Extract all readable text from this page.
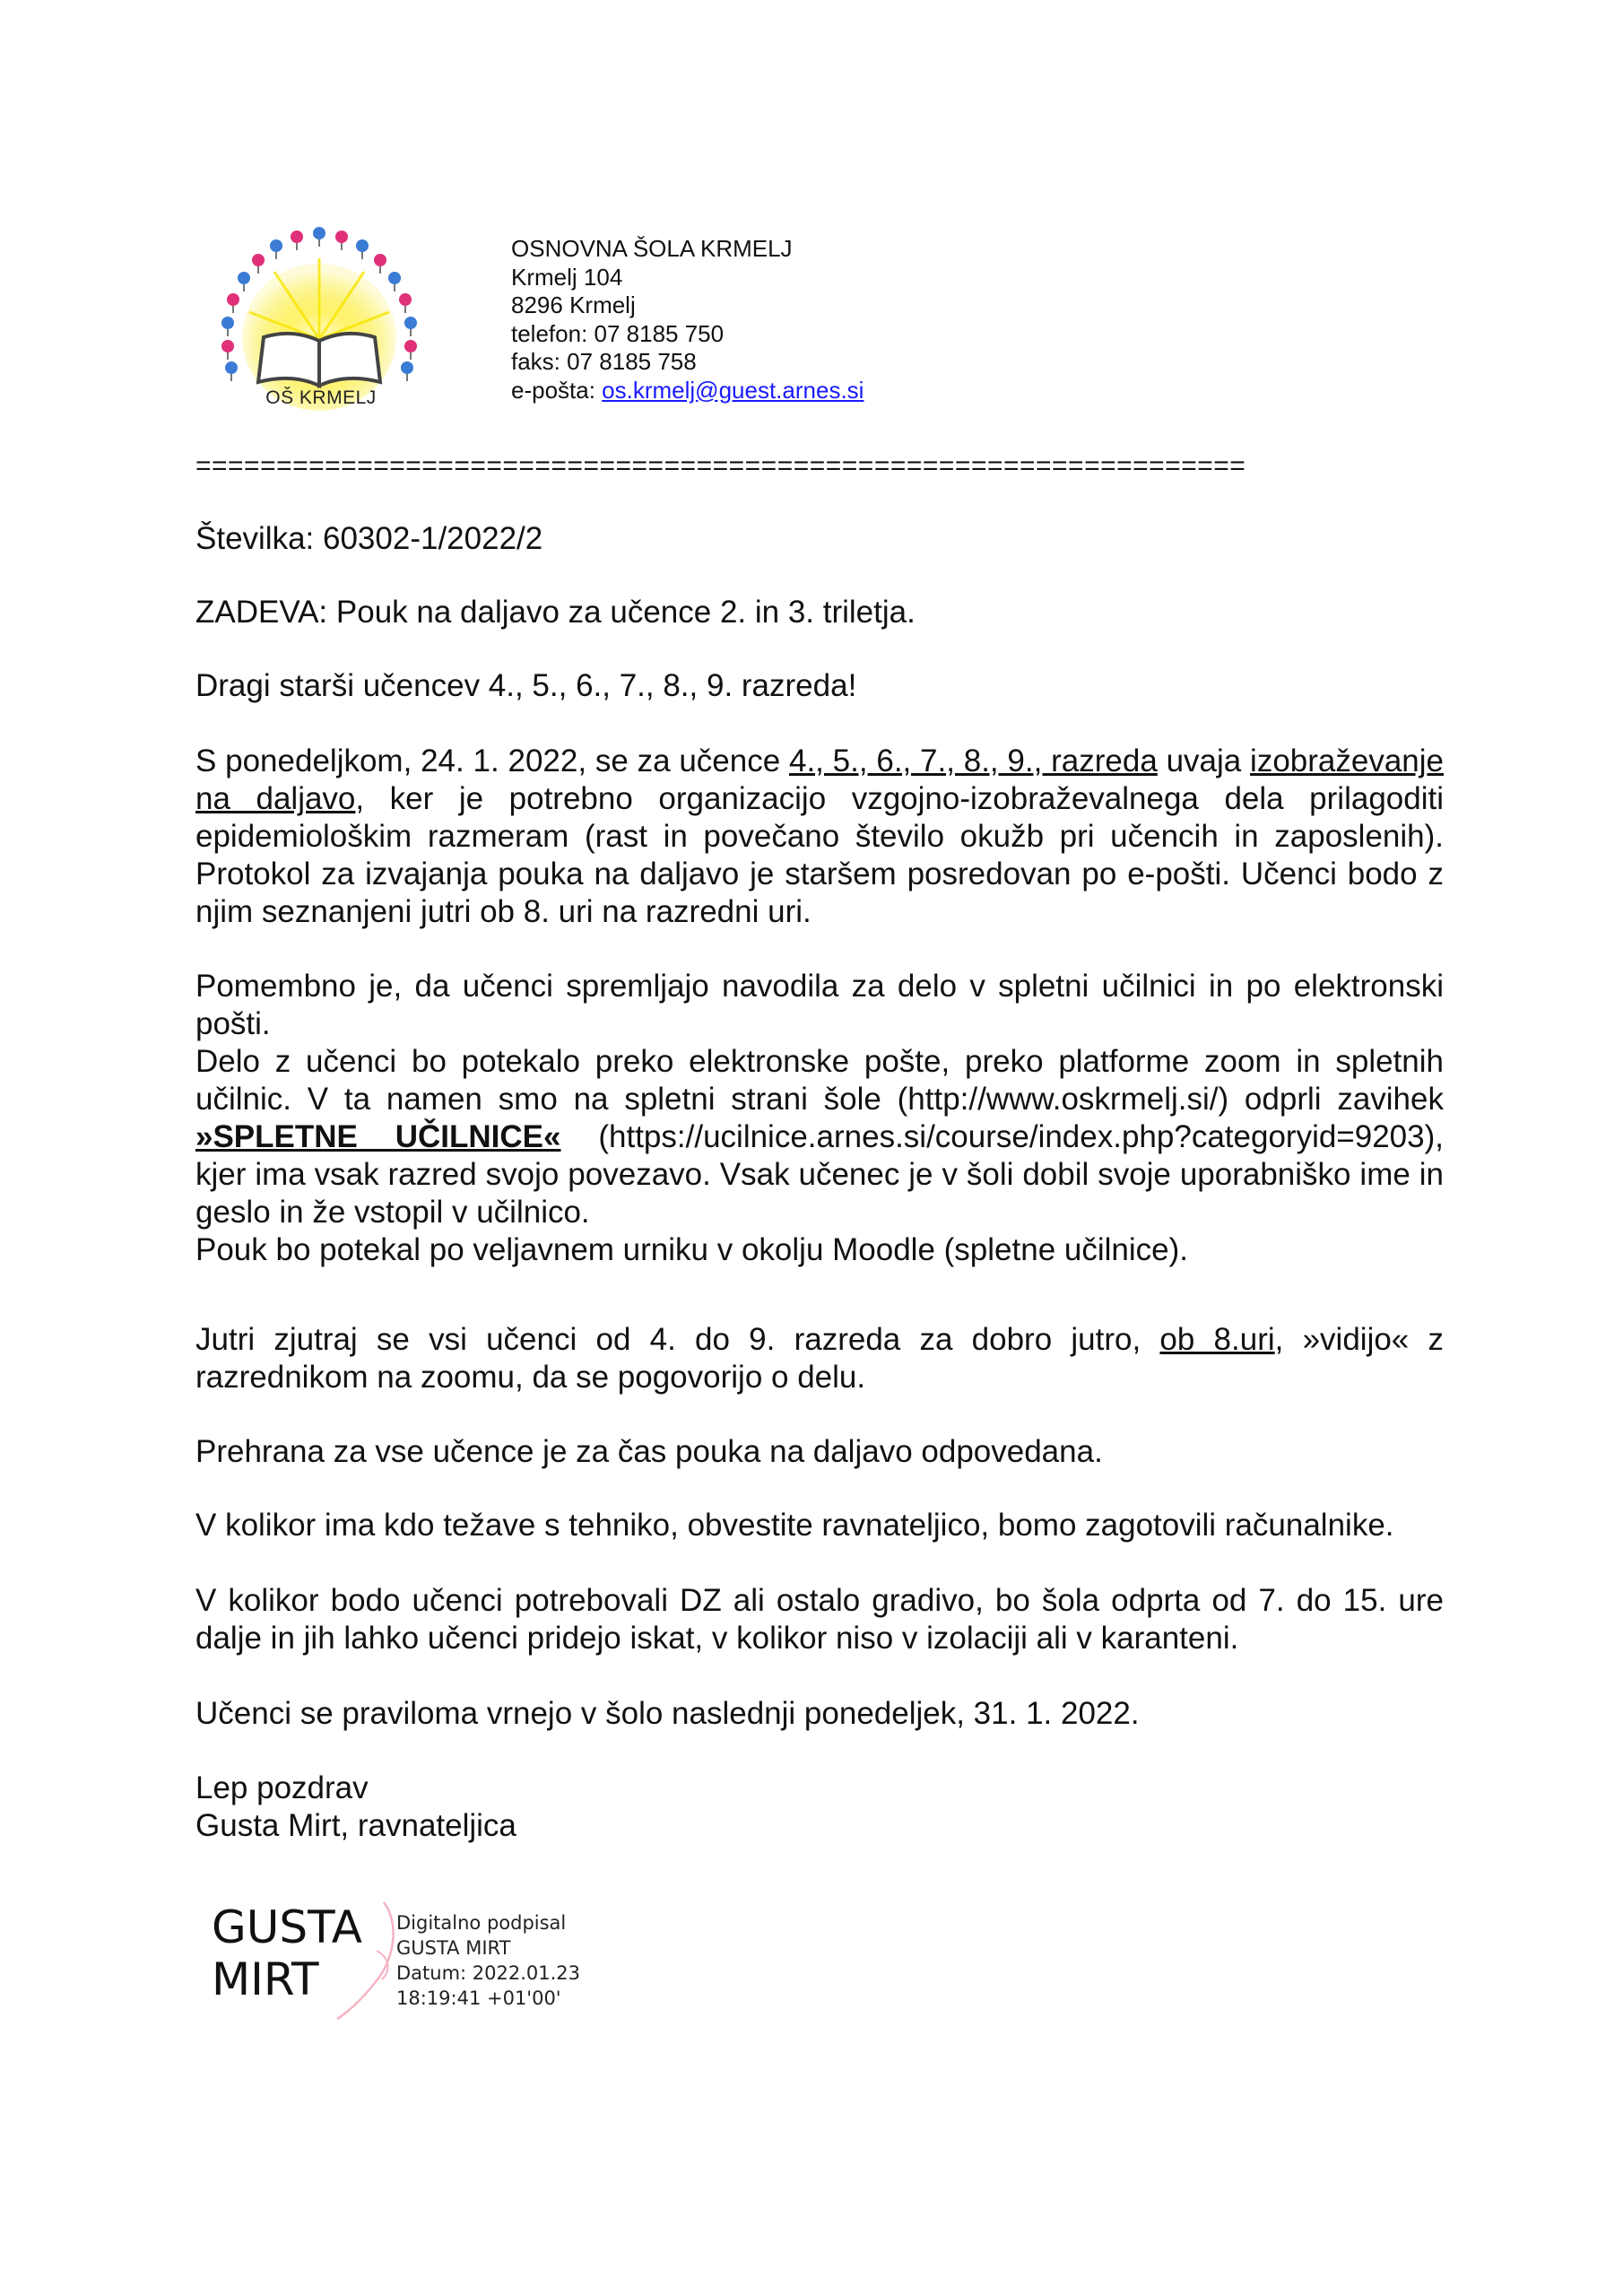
OŠ KRMELJ
OSNOVNA ŠOLA KRMELJ
Krmelj 104
8296 Krmelj
telefon: 07 8185 750
faks: 07 8185 758
e-pošta: os.krmelj@guest.arnes.si
=================================================================

Številka: 60302-1/2022/2

ZADEVA: Pouk na daljavo za učence 2. in 3. triletja.

Dragi starši učencev 4., 5., 6., 7., 8., 9. razreda!

S ponedeljkom, 24. 1. 2022, se za učence 4., 5., 6., 7., 8., 9., razreda uvaja izobraževanje na daljavo, ker je potrebno organizacijo vzgojno-izobraževalnega dela prilagoditi epidemiološkim razmeram (rast in povečano število okužb pri učencih in zaposlenih). Protokol za izvajanja pouka na daljavo je staršem posredovan po e-pošti. Učenci bodo z njim seznanjeni jutri ob 8. uri na razredni uri.

Pomembno je, da učenci spremljajo navodila za delo v spletni učilnici in po elektronski pošti.

Delo z učenci bo potekalo preko elektronske pošte, preko platforme zoom in spletnih učilnic. V ta namen smo na spletni strani šole (http://www.oskrmelj.si/) odprli zavihek »SPLETNE UČILNICE« (https://ucilnice.arnes.si/course/index.php?categoryid=9203), kjer ima vsak razred svojo povezavo. Vsak učenec je v šoli dobil svoje uporabniško ime in geslo in že vstopil v učilnico.

Pouk bo potekal po veljavnem urniku v okolju Moodle (spletne učilnice).

Jutri zjutraj se vsi učenci od 4. do 9. razreda za dobro jutro, ob 8.uri, »vidijo« z razrednikom na zoomu, da se pogovorijo o delu.

Prehrana za vse učence je za čas pouka na daljavo odpovedana.

V kolikor ima kdo težave s tehniko, obvestite ravnateljico, bomo zagotovili računalnike.

V kolikor bodo učenci potrebovali DZ ali ostalo gradivo, bo šola odprta od 7. do 15. ure dalje in jih lahko učenci pridejo iskat, v kolikor niso v izolaciji ali v karanteni.

Učenci se praviloma vrnejo v šolo naslednji ponedeljek, 31. 1. 2022.

Lep pozdrav

Gusta Mirt, ravnateljica

GUSTA
MIRT
Digitalno podpisal
GUSTA MIRT
Datum: 2022.01.23
18:19:41 +01'00'
